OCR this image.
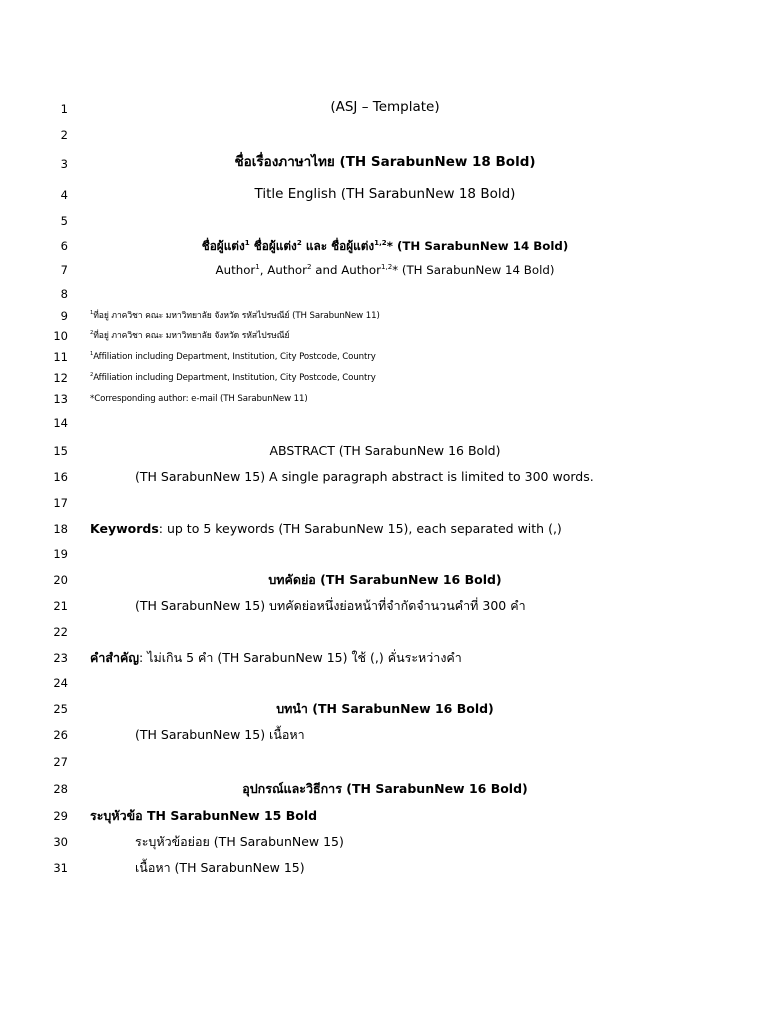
1
2
3
4
5
6
7
8
9
10
11
12
13
14
15
16
17
18
19
20
21
22
23
24
25
26
27
28
29
30
31
(ASJ – Template)
ชื่อเรื่องภาษาไทย (TH SarabunNew 18 Bold)
Title English (TH SarabunNew 18 Bold)
ชื่อผู้แต่ง$^1$ ชื่อผู้แต่ง$^2$ และ ชื่อผู้แต่ง$^{1,2}$* (TH SarabunNew 14 Bold)
Author$^1$, Author$^2$ and Author$^{1,2}$* (TH SarabunNew 14 Bold)
$^1$ที่อยู่ ภาควิชา คณะ มหาวิทยาลัย จังหวัด รหัสไปรษณีย์ (TH SarabunNew 11)
$^2$ที่อยู่ ภาควิชา คณะ มหาวิทยาลัย จังหวัด รหัสไปรษณีย์
$^1$Affiliation including Department, Institution, City Postcode, Country
$^2$Affiliation including Department, Institution, City Postcode, Country
*Corresponding author: e-mail (TH SarabunNew 11)
ABSTRACT (TH SarabunNew 16 Bold)
(TH SarabunNew 15) A single paragraph abstract is limited to 300 words.
Keywords: up to 5 keywords (TH SarabunNew 15), each separated with (,)
บทคัดย่อ (TH SarabunNew 16 Bold)
(TH SarabunNew 15) บทคัดย่อหนึ่งย่อหน้าที่จำกัดจำนวนคำที่ 300 คำ
คำสำคัญ: ไม่เกิน 5 คำ (TH SarabunNew 15) ใช้ (,) คั่นระหว่างคำ
บทนำ (TH SarabunNew 16 Bold)
(TH SarabunNew 15) เนื้อหา
อุปกรณ์และวิธีการ (TH SarabunNew 16 Bold)
ระบุหัวข้อ TH SarabunNew 15 Bold
ระบุหัวข้อย่อย (TH SarabunNew 15)
เนื้อหา (TH SarabunNew 15)
